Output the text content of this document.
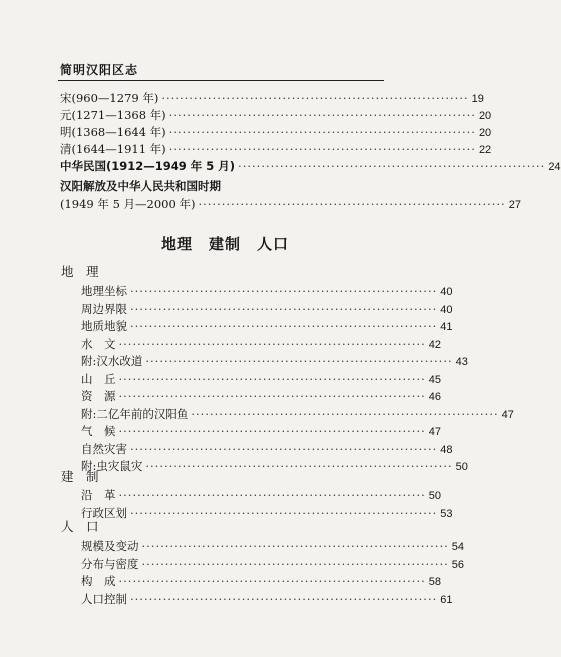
简明汉阳区志
宋(960—1279 年) ·································································· 19
元(1271—1368 年) ·································································· 20
明(1368—1644 年) ·································································· 20
清(1644—1911 年) ·································································· 22
中华民国(1912—1949 年 5 月) ·································································· 24
汉阳解放及中华人民共和国时期
(1949 年 5 月—2000 年) ·································································· 27
地理　建制　人口
地　理
建　制
人　口
地理坐标 ·································································· 40
周边界限 ·································································· 40
地质地貌 ·································································· 41
水　文 ·································································· 42
附:汉水改道 ·································································· 43
山　丘 ·································································· 45
资　源 ·································································· 46
附:二亿年前的汉阳鱼 ·································································· 47
气　候 ·································································· 47
自然灾害 ·································································· 48
附:虫灾鼠灾 ·································································· 50
沿　革 ·································································· 50
行政区划 ·································································· 53
规模及变动 ·································································· 54
分布与密度 ·································································· 56
构　成 ·································································· 58
人口控制 ·································································· 61
